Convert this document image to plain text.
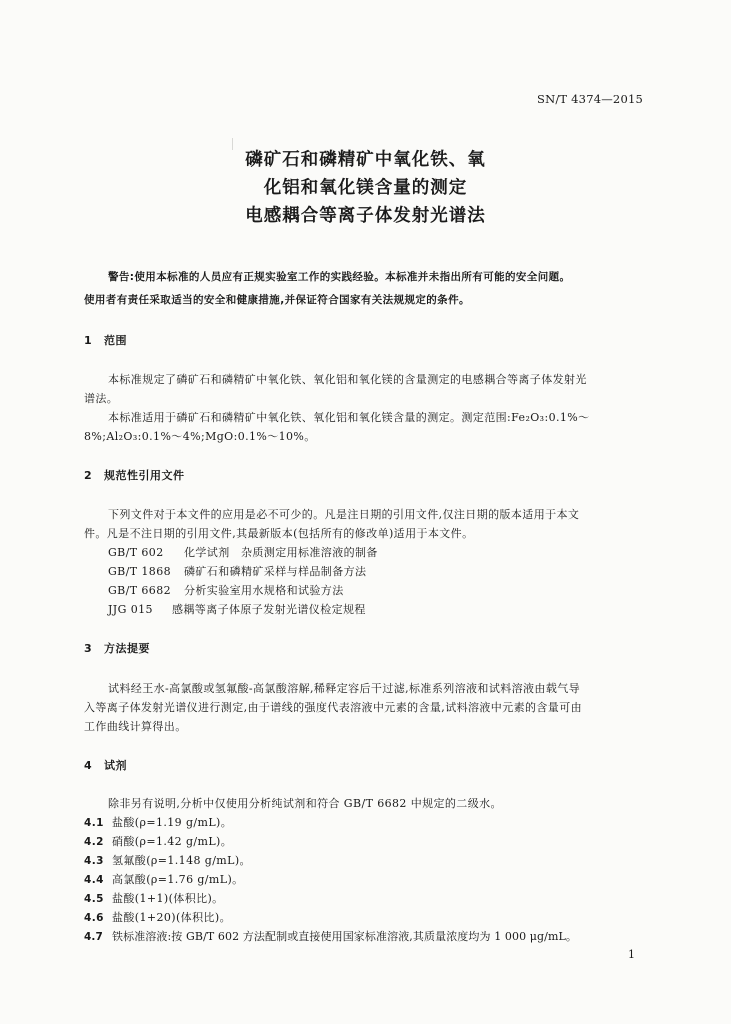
SN/T 4374—2015
磷矿石和磷精矿中氧化铁、氧
化铝和氧化镁含量的测定
电感耦合等离子体发射光谱法
警告:使用本标准的人员应有正规实验室工作的实践经验。本标准并未指出所有可能的安全问题。
使用者有责任采取适当的安全和健康措施,并保证符合国家有关法规规定的条件。
1 范围
本标准规定了磷矿石和磷精矿中氧化铁、氧化铝和氧化镁的含量测定的电感耦合等离子体发射光
谱法。
本标准适用于磷矿石和磷精矿中氧化铁、氧化铝和氧化镁含量的测定。测定范围:Fe₂O₃:0.1%～
8%;Al₂O₃:0.1%～4%;MgO:0.1%～10%。
2 规范性引用文件
下列文件对于本文件的应用是必不可少的。凡是注日期的引用文件,仅注日期的版本适用于本文
件。凡是不注日期的引用文件,其最新版本(包括所有的修改单)适用于本文件。
GB/T 602 化学试剂　杂质测定用标准溶液的制备
GB/T 1868 磷矿石和磷精矿采样与样品制备方法
GB/T 6682 分析实验室用水规格和试验方法
JJG 015 感耦等离子体原子发射光谱仪检定规程
3 方法提要
试料经王水-高氯酸或氢氟酸-高氯酸溶解,稀释定容后干过滤,标准系列溶液和试料溶液由载气导
入等离子体发射光谱仪进行测定,由于谱线的强度代表溶液中元素的含量,试料溶液中元素的含量可由
工作曲线计算得出。
4 试剂
除非另有说明,分析中仅使用分析纯试剂和符合 GB/T 6682 中规定的二级水。
4.1 盐酸(ρ=1.19 g/mL)。
4.2 硝酸(ρ=1.42 g/mL)。
4.3 氢氟酸(ρ=1.148 g/mL)。
4.4 高氯酸(ρ=1.76 g/mL)。
4.5 盐酸(1+1)(体积比)。
4.6 盐酸(1+20)(体积比)。
4.7 铁标准溶液:按 GB/T 602 方法配制或直接使用国家标准溶液,其质量浓度均为 1 000 μg/mL。
1
